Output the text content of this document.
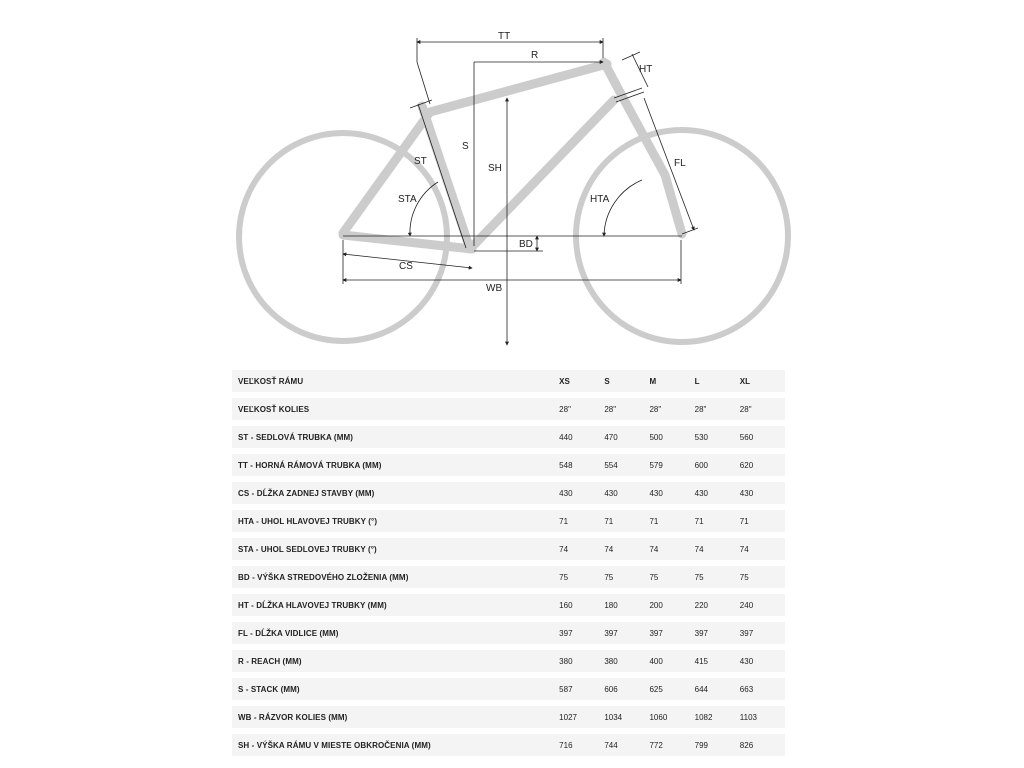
TT
R
HT
S
SH
ST
STA
FL
HTA
BD
CS
WB
VEĽKOSŤ RÁMU	XS	S	M	L	XL
VEĽKOSŤ KOLIES	28"	28"	28"	28"	28"
ST - SEDLOVÁ TRUBKA (MM)	440	470	500	530	560
TT - HORNÁ RÁMOVÁ TRUBKA (MM)	548	554	579	600	620
CS - DĹŽKA ZADNEJ STAVBY (MM)	430	430	430	430	430
HTA - UHOL HLAVOVEJ TRUBKY (°)	71	71	71	71	71
STA - UHOL SEDLOVEJ TRUBKY (°)	74	74	74	74	74
BD - VÝŠKA STREDOVÉHO ZLOŽENIA (MM)	75	75	75	75	75
HT - DĹŽKA HLAVOVEJ TRUBKY (MM)	160	180	200	220	240
FL - DĹŽKA VIDLICE (MM)	397	397	397	397	397
R - REACH (MM)	380	380	400	415	430
S - STACK (MM)	587	606	625	644	663
WB - RÁZVOR KOLIES (MM)	1027	1034	1060	1082	1103
SH - VÝŠKA RÁMU V MIESTE OBKROČENIA (MM)	716	744	772	799	826
